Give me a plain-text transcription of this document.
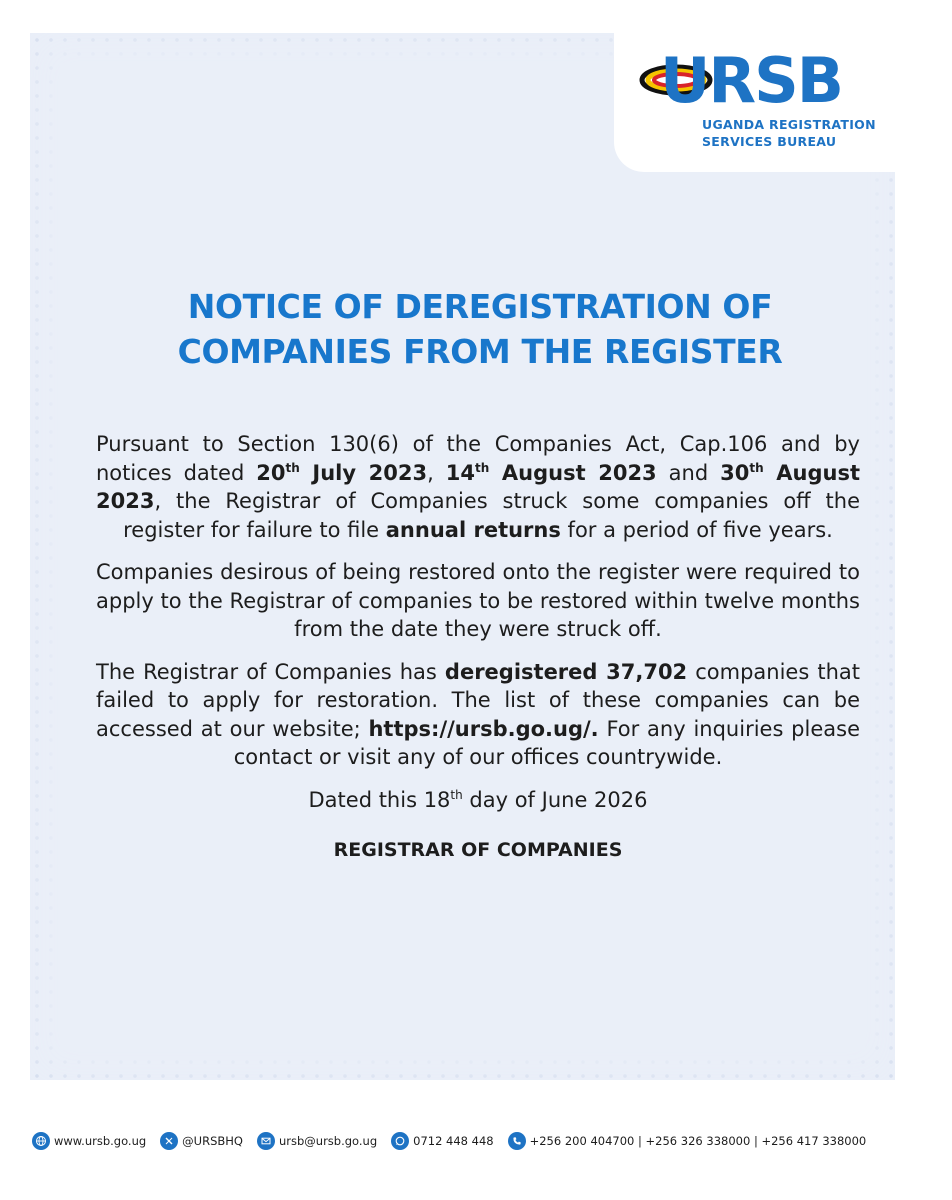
URSB
UGANDA REGISTRATION
SERVICES BUREAU
NOTICE OF DEREGISTRATION OF
COMPANIES FROM THE REGISTER

Pursuant to Section 130(6) of the Companies Act, Cap.106 and by notices dated 20th July 2023, 14th August 2023 and 30th August 2023, the Registrar of Companies struck some companies off the register for failure to file annual returns for a period of five years.

Companies desirous of being restored onto the register were required to apply to the Registrar of companies to be restored within twelve months from the date they were struck off.

The Registrar of Companies has deregistered 37,702 companies that failed to apply for restoration. The list of these companies can be accessed at our website; https://ursb.go.ug/. For any inquiries please contact or visit any of our offices countrywide.

Dated this 18th day of June 2026

REGISTRAR OF COMPANIES

www.ursb.go.ug	@URSBHQ	ursb@ursb.go.ug	0712 448 448	+256 200 404700 | +256 326 338000 | +256 417 338000
